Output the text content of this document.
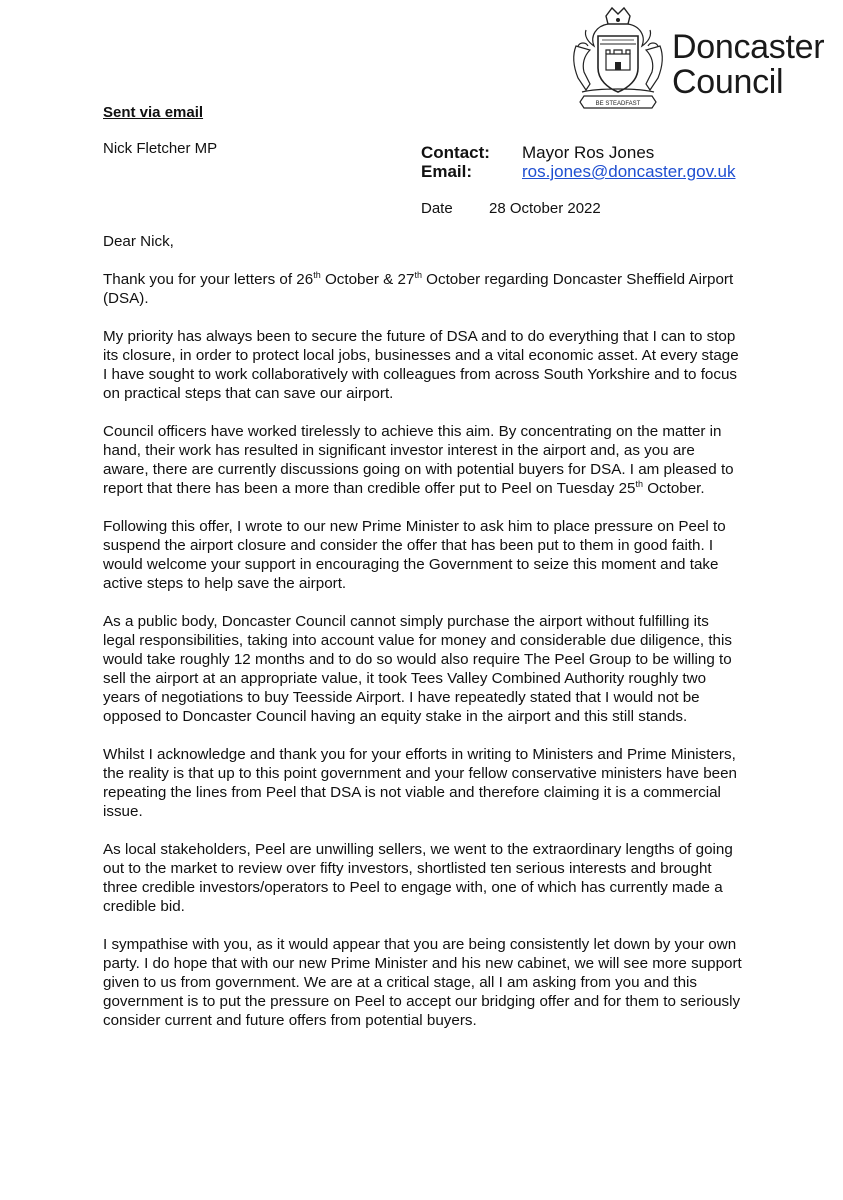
BE STEADFAST
Doncaster
Council
Sent via email
Nick Fletcher MP	Contact:	Mayor Ros Jones
Email:	ros.jones@doncaster.gov.uk
Date	28 October 2022

Dear Nick,

Thank you for your letters of 26th October & 27th October regarding Doncaster Sheffield Airport (DSA).

My priority has always been to secure the future of DSA and to do everything that I can to stop its closure, in order to protect local jobs, businesses and a vital economic asset. At every stage I have sought to work collaboratively with colleagues from across South Yorkshire and to focus on practical steps that can save our airport.

Council officers have worked tirelessly to achieve this aim. By concentrating on the matter in hand, their work has resulted in significant investor interest in the airport and, as you are aware, there are currently discussions going on with potential buyers for DSA. I am pleased to report that there has been a more than credible offer put to Peel on Tuesday 25th October.

Following this offer, I wrote to our new Prime Minister to ask him to place pressure on Peel to suspend the airport closure and consider the offer that has been put to them in good faith. I would welcome your support in encouraging the Government to seize this moment and take active steps to help save the airport.

As a public body, Doncaster Council cannot simply purchase the airport without fulfilling its legal responsibilities, taking into account value for money and considerable due diligence, this would take roughly 12 months and to do so would also require The Peel Group to be willing to sell the airport at an appropriate value, it took Tees Valley Combined Authority roughly two years of negotiations to buy Teesside Airport. I have repeatedly stated that I would not be opposed to Doncaster Council having an equity stake in the airport and this still stands.

Whilst I acknowledge and thank you for your efforts in writing to Ministers and Prime Ministers, the reality is that up to this point government and your fellow conservative ministers have been repeating the lines from Peel that DSA is not viable and therefore claiming it is a commercial issue.

As local stakeholders, Peel are unwilling sellers, we went to the extraordinary lengths of going out to the market to review over fifty investors, shortlisted ten serious interests and brought three credible investors/operators to Peel to engage with, one of which has currently made a credible bid.

I sympathise with you, as it would appear that you are being consistently let down by your own party. I do hope that with our new Prime Minister and his new cabinet, we will see more support given to us from government. We are at a critical stage, all I am asking from you and this government is to put the pressure on Peel to accept our bridging offer and for them to seriously consider current and future offers from potential buyers.
